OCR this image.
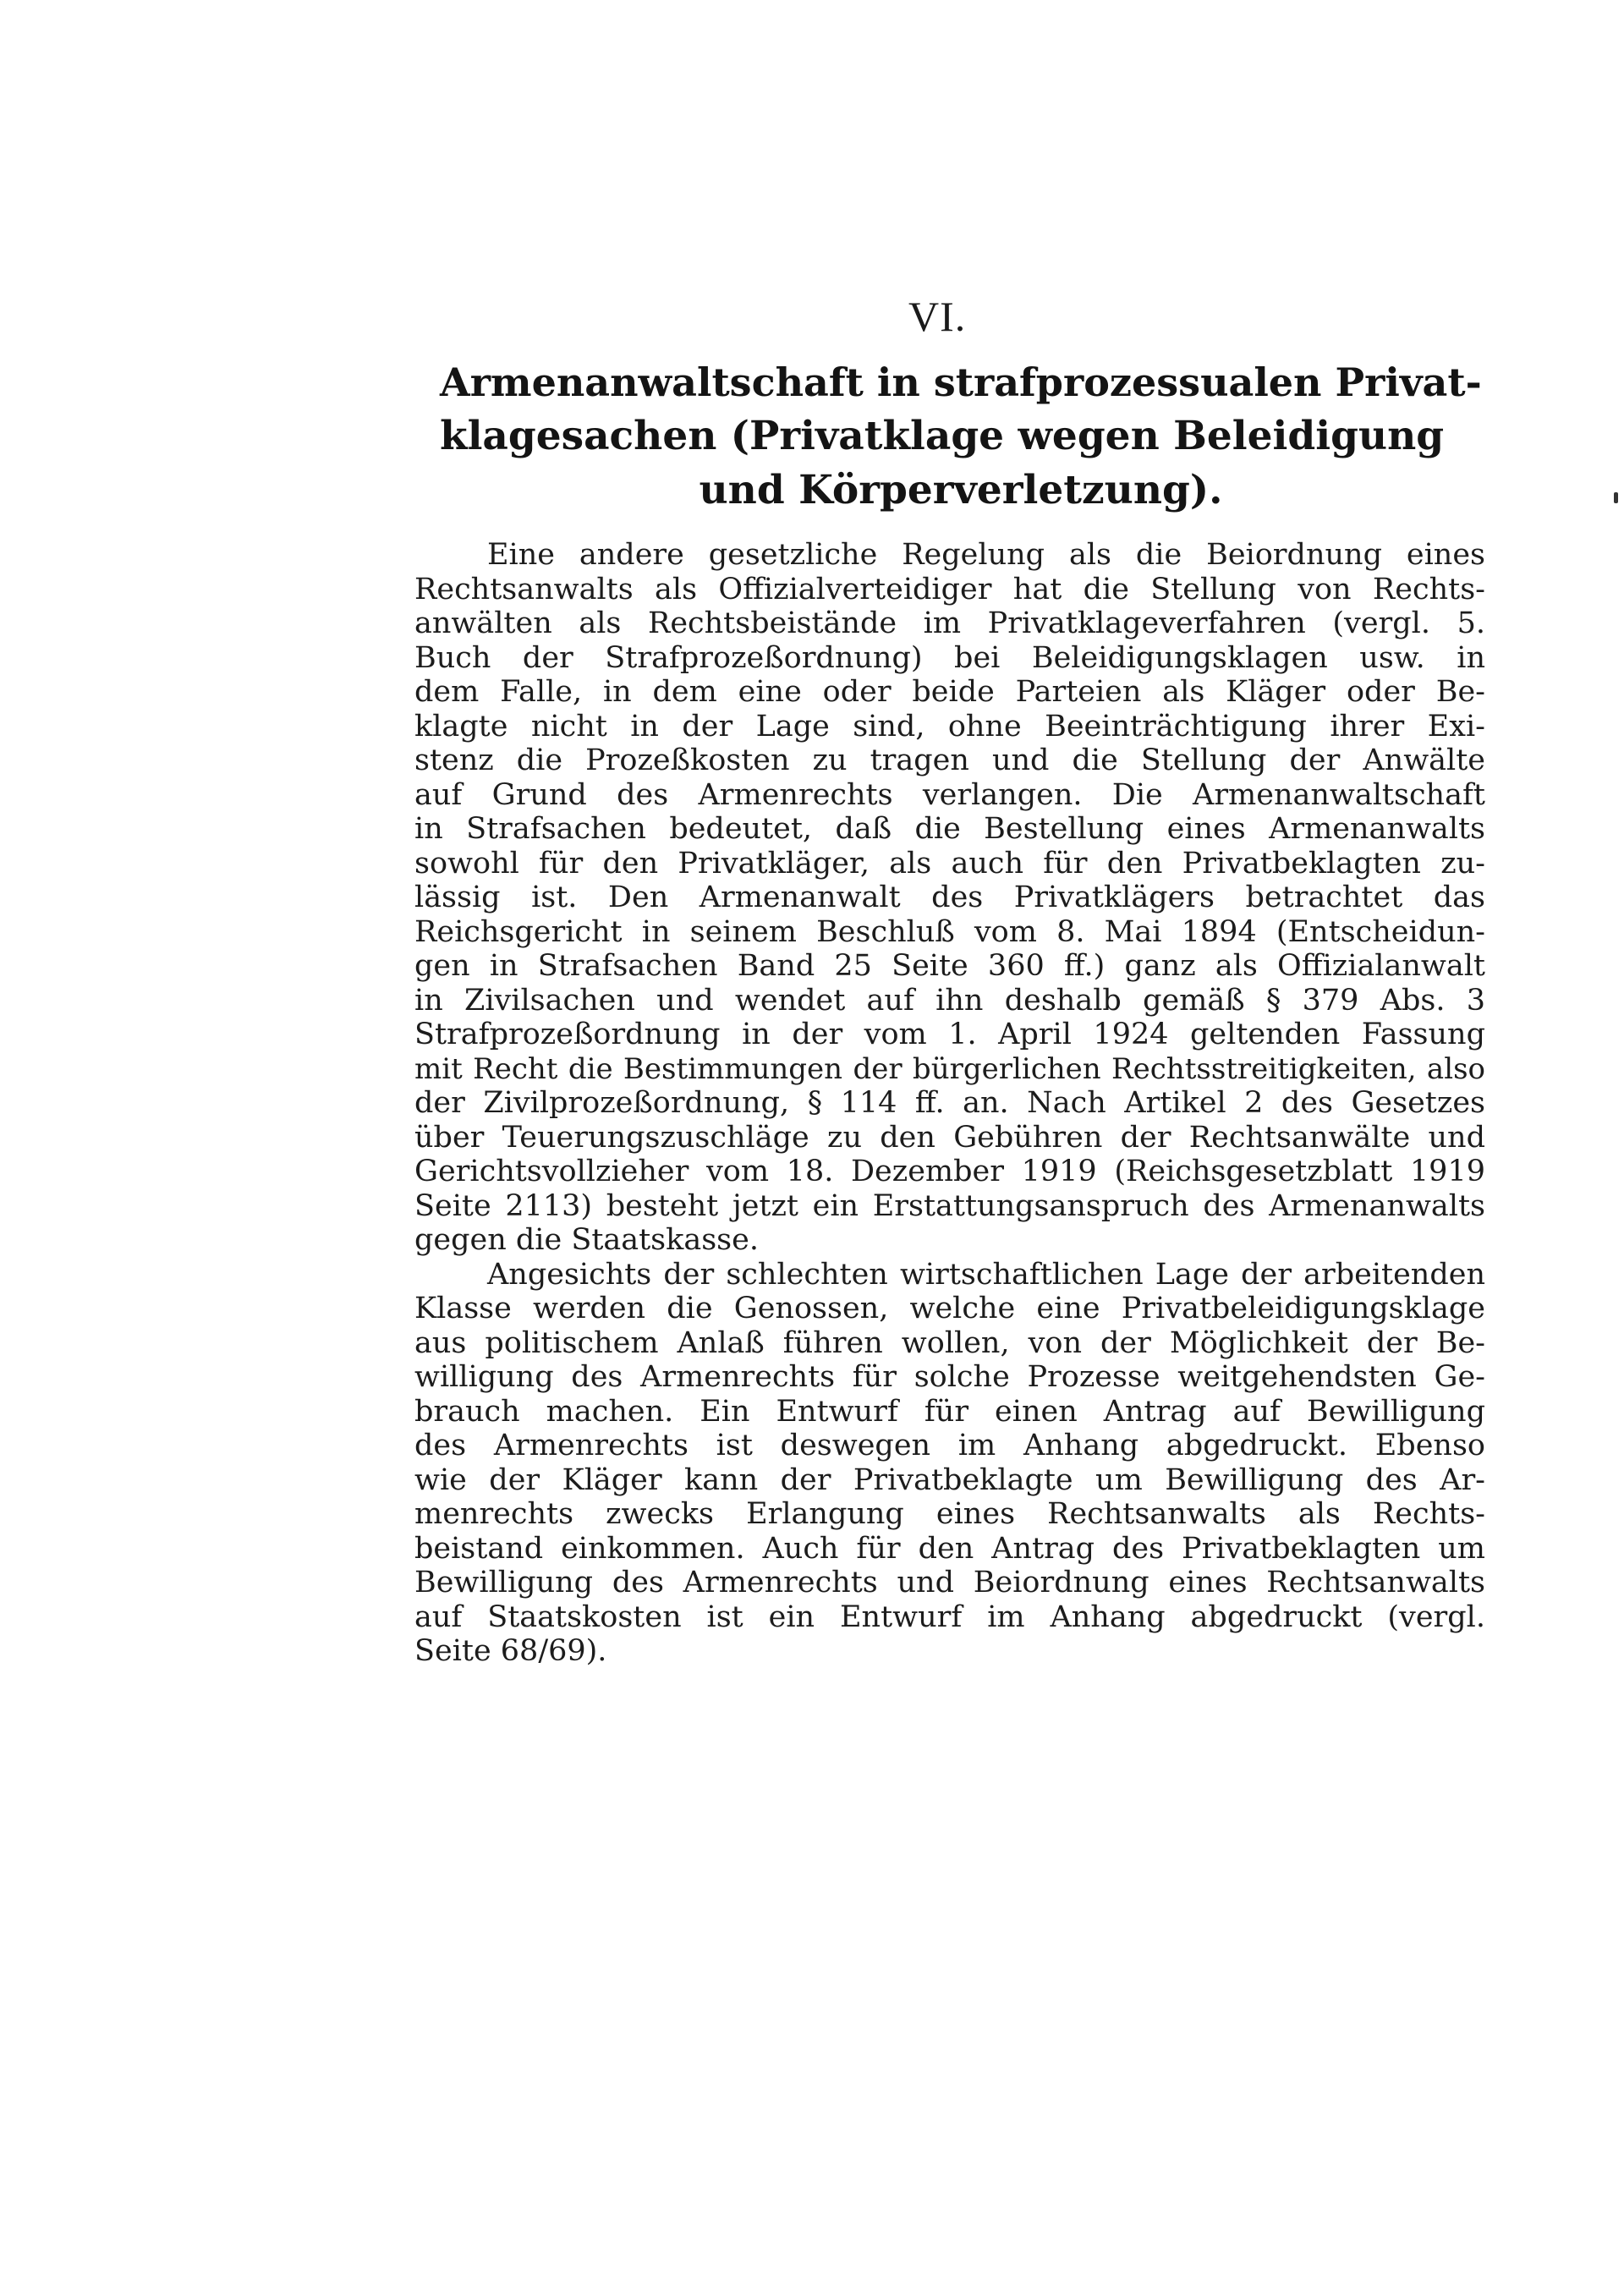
VI.
Armenanwaltschaft in strafprozessualen Privat-
klagesachen (Privatklage wegen Beleidigung
und Körperverletzung).
Eine andere gesetzliche Regelung als die Beiordnung eines
Rechtsanwalts als Offizialverteidiger hat die Stellung von Rechts-
anwälten als Rechtsbeistände im Privatklageverfahren (vergl. 5.
Buch der Strafprozeßordnung) bei Beleidigungsklagen usw. in
dem Falle, in dem eine oder beide Parteien als Kläger oder Be-
klagte nicht in der Lage sind, ohne Beeinträchtigung ihrer Exi-
stenz die Prozeßkosten zu tragen und die Stellung der Anwälte
auf Grund des Armenrechts verlangen. Die Armenanwaltschaft
in Strafsachen bedeutet, daß die Bestellung eines Armenanwalts
sowohl für den Privatkläger, als auch für den Privatbeklagten zu-
lässig ist. Den Armenanwalt des Privatklägers betrachtet das
Reichsgericht in seinem Beschluß vom 8. Mai 1894 (Entscheidun-
gen in Strafsachen Band 25 Seite 360 ff.) ganz als Offizialanwalt
in Zivilsachen und wendet auf ihn deshalb gemäß § 379 Abs. 3
Strafprozeßordnung in der vom 1. April 1924 geltenden Fassung
mit Recht die Bestimmungen der bürgerlichen Rechtsstreitigkeiten, also
der Zivilprozeßordnung, § 114 ff. an. Nach Artikel 2 des Gesetzes
über Teuerungszuschläge zu den Gebühren der Rechtsanwälte und
Gerichtsvollzieher vom 18. Dezember 1919 (Reichsgesetzblatt 1919
Seite 2113) besteht jetzt ein Erstattungsanspruch des Armenanwalts
gegen die Staatskasse.
Angesichts der schlechten wirtschaftlichen Lage der arbeitenden
Klasse werden die Genossen, welche eine Privatbeleidigungsklage
aus politischem Anlaß führen wollen, von der Möglichkeit der Be-
willigung des Armenrechts für solche Prozesse weitgehendsten Ge-
brauch machen. Ein Entwurf für einen Antrag auf Bewilligung
des Armenrechts ist deswegen im Anhang abgedruckt. Ebenso
wie der Kläger kann der Privatbeklagte um Bewilligung des Ar-
menrechts zwecks Erlangung eines Rechtsanwalts als Rechts-
beistand einkommen. Auch für den Antrag des Privatbeklagten um
Bewilligung des Armenrechts und Beiordnung eines Rechtsanwalts
auf Staatskosten ist ein Entwurf im Anhang abgedruckt (vergl.
Seite 68/69).
